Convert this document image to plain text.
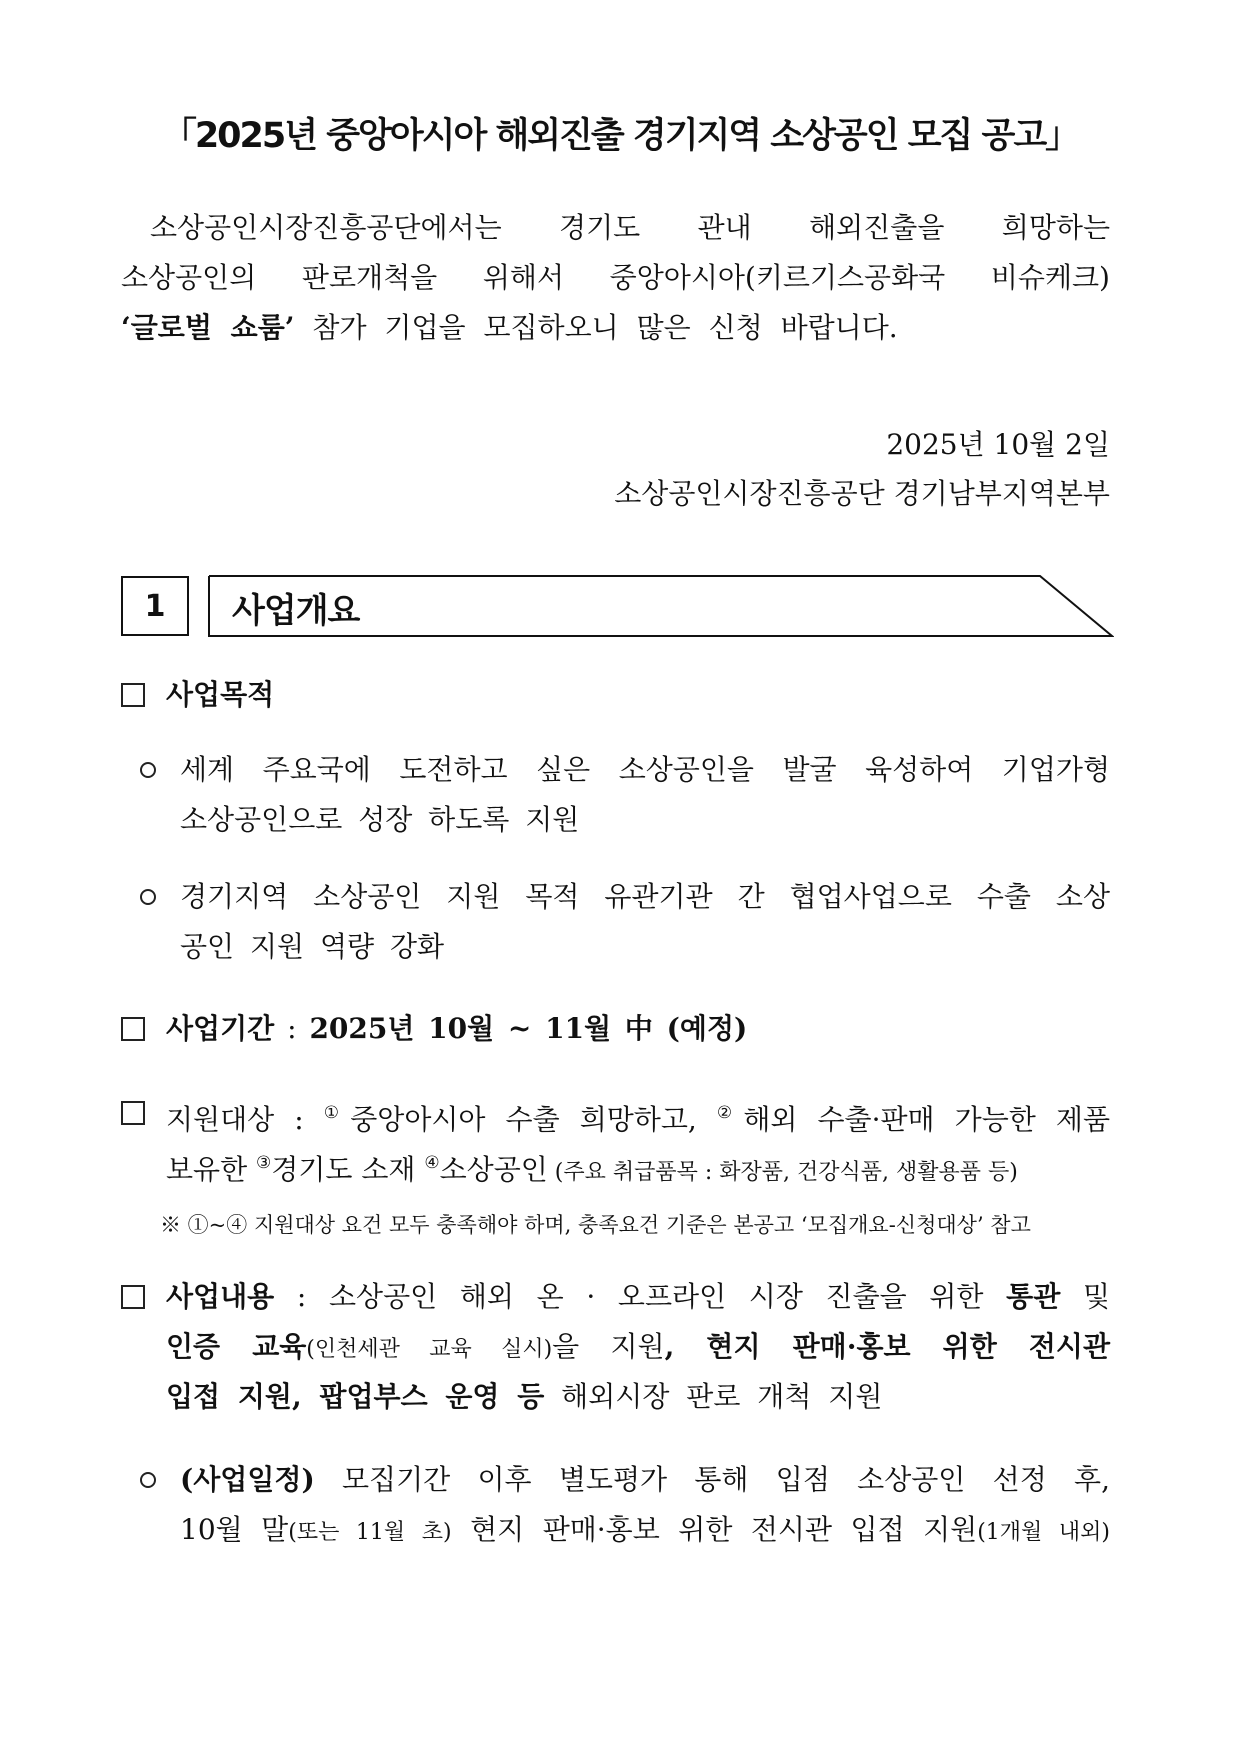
「2025년 중앙아시아 해외진출 경기지역 소상공인 모집 공고」
소상공인시장진흥공단에서는 경기도 관내 해외진출을 희망하는
소상공인의 판로개척을 위해서 중앙아시아(키르기스공화국 비슈케크)
‘글로벌 쇼룸’ 참가 기업을 모집하오니 많은 신청 바랍니다.
2025년 10월 2일
소상공인시장진흥공단 경기남부지역본부
1	사업개요
사업목적
세계 주요국에 도전하고 싶은 소상공인을 발굴 육성하여 기업가형
소상공인으로 성장 하도록 지원
경기지역 소상공인 지원 목적 유관기관 간 협업사업으로 수출 소상
공인 지원 역량 강화
사업기간 : 2025년 10월 ~ 11월 中 (예정)
지원대상 : ①중앙아시아 수출 희망하고, ②해외 수출·판매 가능한 제품
보유한 ③경기도 소재 ④소상공인 (주요 취급품목 : 화장품, 건강식품, 생활용품 등)
※ ①~④ 지원대상 요건 모두 충족해야 하며, 충족요건 기준은 본공고 ‘모집개요-신청대상’ 참고
사업내용 : 소상공인 해외 온 · 오프라인 시장 진출을 위한 통관 및
인증 교육(인천세관 교육 실시)을 지원, 현지 판매·홍보 위한 전시관
입접 지원, 팝업부스 운영 등 해외시장 판로 개척 지원
(사업일정) 모집기간 이후 별도평가 통해 입점 소상공인 선정 후,
10월 말(또는 11월 초) 현지 판매·홍보 위한 전시관 입접 지원(1개월 내외)
